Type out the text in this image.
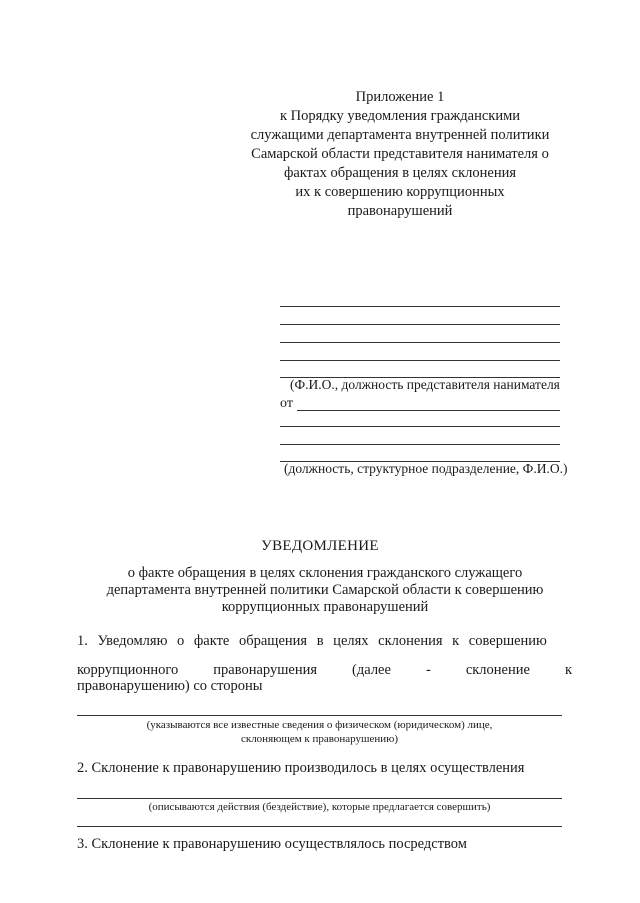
Приложение 1
к Порядку уведомления гражданскими
служащими департамента внутренней политики
Самарской области представителя нанимателя о
фактах обращения в целях склонения
их к совершению коррупционных
правонарушений
(Ф.И.О., должность представителя нанимателя
от
(должность, структурное подразделение, Ф.И.О.)
УВЕДОМЛЕНИЕ
о факте обращения в целях склонения гражданского служащего
департамента внутренней политики Самарской области к совершению
коррупционных правонарушений
1. Уведомляю о факте обращения в целях склонения к совершению
коррупционного правонарушения (далее - склонение к
правонарушению) со стороны
(указываются все известные сведения о физическом (юридическом) лице,
склоняющем к правонарушению)
2. Склонение к правонарушению производилось в целях осуществления
(описываются действия (бездействие), которые предлагается совершить)
3. Склонение к правонарушению осуществлялось посредством
